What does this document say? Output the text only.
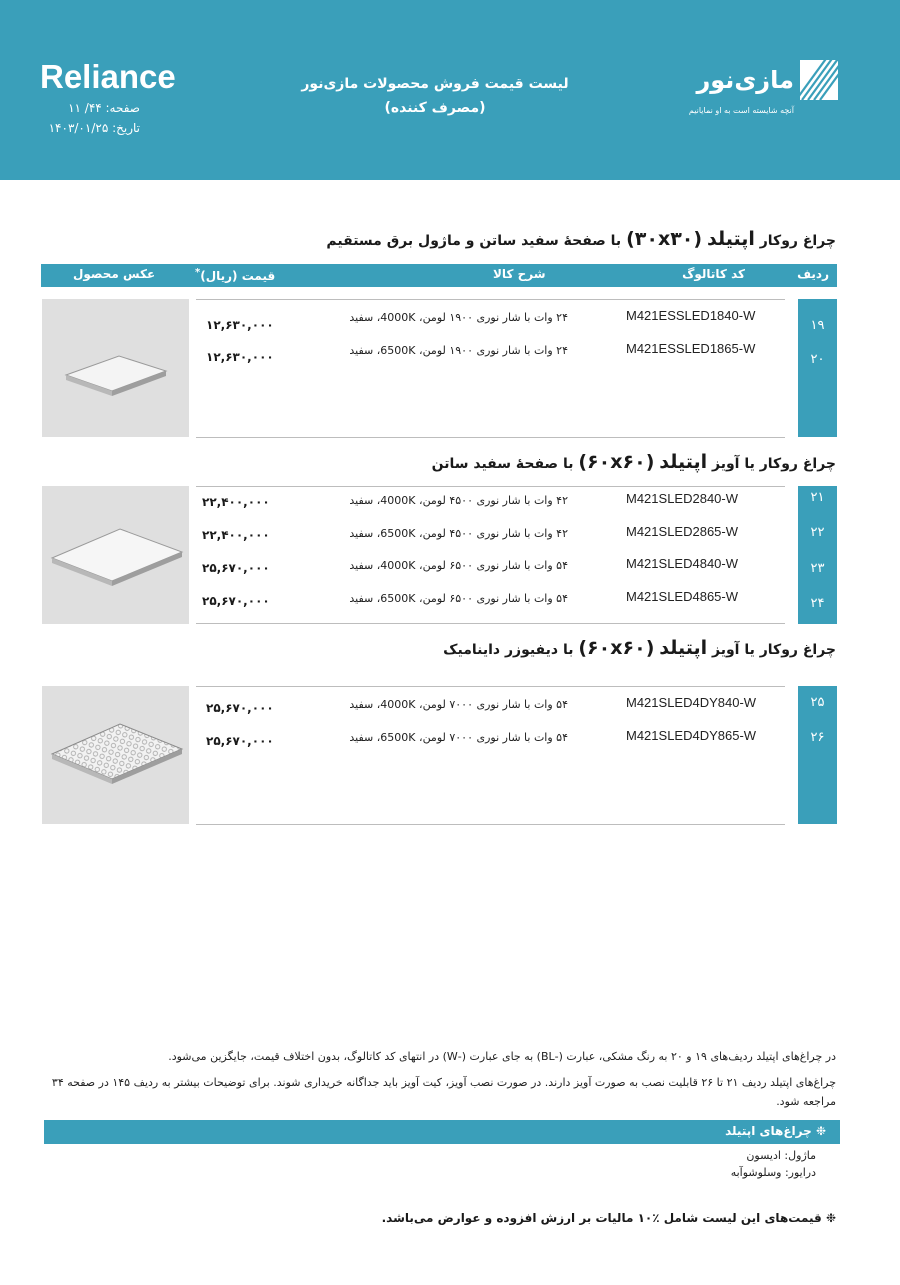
Reliance
صفحه: ۴۴/ ۱۱
تاریخ: ۱۴۰۳/۰۱/۲۵
لیست قیمت فروش محصولات مازی‌نور
(مصرف کننده)
مازی‌نور
آنچه شایسته است به او نمایانیم
چراغ روکار اپتیلد (۳۰x۳۰) با صفحهٔ سفید ساتن و ماژول برق مستقیم
ردیف
کد کاتالوگ
شرح کالا
*قیمت (ریال)
عکس محصول
۱۹
۲۰
M421ESSLED1840-W
۲۴ وات با شار نوری ۱۹۰۰ لومن، 4000K، سفید
۱۲,۶۳۰,۰۰۰
M421ESSLED1865-W
۲۴ وات با شار نوری ۱۹۰۰ لومن، 6500K، سفید
۱۲,۶۳۰,۰۰۰
چراغ روکار یا آویز اپتیلد (۶۰x۶۰) با صفحهٔ سفید ساتن
۲۱
۲۲
۲۳
۲۴
M421SLED2840-W
۴۲ وات با شار نوری ۴۵۰۰ لومن، 4000K، سفید
۲۲,۴۰۰,۰۰۰
M421SLED2865-W
۴۲ وات با شار نوری ۴۵۰۰ لومن، 6500K، سفید
۲۲,۴۰۰,۰۰۰
M421SLED4840-W
۵۴ وات با شار نوری ۶۵۰۰ لومن، 4000K، سفید
۲۵,۶۷۰,۰۰۰
M421SLED4865-W
۵۴ وات با شار نوری ۶۵۰۰ لومن، 6500K، سفید
۲۵,۶۷۰,۰۰۰
چراغ روکار یا آویز اپتیلد (۶۰x۶۰) با دیفیوزر داینامیک
۲۵
۲۶
M421SLED4DY840-W
۵۴ وات با شار نوری ۷۰۰۰ لومن، 4000K، سفید
۲۵,۶۷۰,۰۰۰
M421SLED4DY865-W
۵۴ وات با شار نوری ۷۰۰۰ لومن، 6500K، سفید
۲۵,۶۷۰,۰۰۰
در چراغ‌های اپتیلد ردیف‌های ۱۹ و ۲۰ به رنگ مشکی، عبارت (-BL) به جای عبارت (-W) در انتهای کد کاتالوگ، بدون اختلاف قیمت، جایگزین می‌شود.
چراغ‌های اپتیلد ردیف ۲۱ تا ۲۶ قابلیت نصب به صورت آویز دارند. در صورت نصب آویز، کیت آویز باید جداگانه خریداری شوند. برای توضیحات بیشتر به ردیف ۱۴۵ در صفحه ۳۴ مراجعه شود.
❉ چراغ‌های اپتیلد
ماژول: ادیسون
درایور: وسلوشوآبه
❉ قیمت‌های این لیست شامل ٪۱۰ مالیات بر ارزش افزوده و عوارض می‌باشد.
